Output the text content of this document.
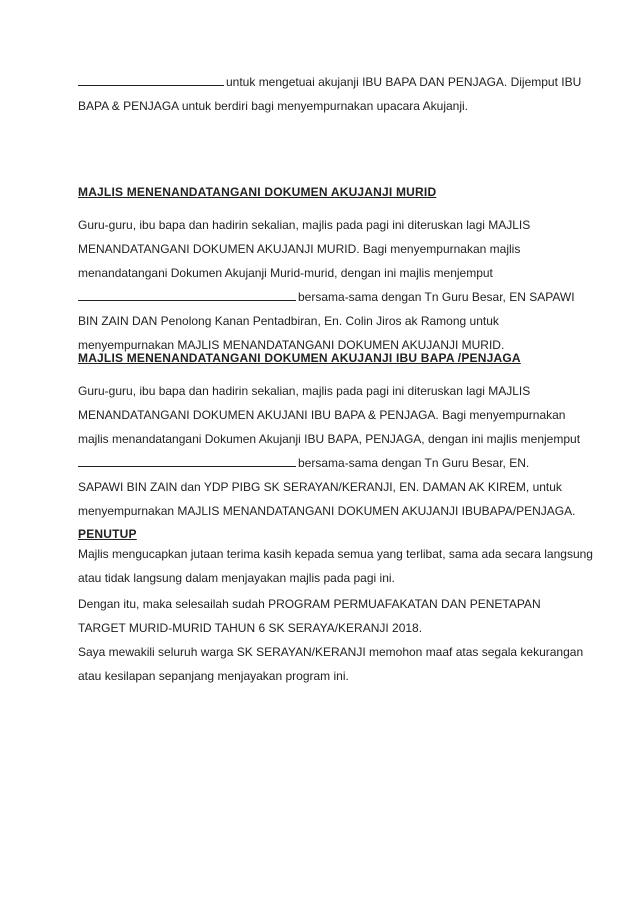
untuk mengetuai akujanji IBU BAPA DAN PENJAGA. Dijemput IBU
BAPA & PENJAGA untuk berdiri bagi menyempurnakan upacara Akujanji.
MAJLIS MENENANDATANGANI DOKUMEN AKUJANJI MURID
Guru-guru, ibu bapa dan hadirin sekalian, majlis pada pagi ini diteruskan lagi MAJLIS
MENANDATANGANI DOKUMEN AKUJANJI MURID. Bagi menyempurnakan majlis
menandatangani Dokumen Akujanji Murid-murid, dengan ini majlis menjemput
bersama-sama dengan Tn Guru Besar, EN SAPAWI
BIN ZAIN DAN Penolong Kanan Pentadbiran, En. Colin Jiros ak Ramong untuk
menyempurnakan MAJLIS MENANDATANGANI DOKUMEN AKUJANJI MURID.
MAJLIS MENENANDATANGANI DOKUMEN AKUJANJI IBU BAPA /PENJAGA
Guru-guru, ibu bapa dan hadirin sekalian, majlis pada pagi ini diteruskan lagi MAJLIS
MENANDATANGANI DOKUMEN AKUJANI IBU BAPA & PENJAGA. Bagi menyempurnakan
majlis menandatangani Dokumen Akujanji IBU BAPA, PENJAGA, dengan ini majlis menjemput
bersama-sama dengan Tn Guru Besar, EN.
SAPAWI BIN ZAIN dan YDP PIBG SK SERAYAN/KERANJI, EN. DAMAN AK KIREM, untuk
menyempurnakan MAJLIS MENANDATANGANI DOKUMEN AKUJANJI IBUBAPA/PENJAGA.
PENUTUP
Majlis mengucapkan jutaan terima kasih kepada semua yang terlibat, sama ada secara langsung
atau tidak langsung dalam menjayakan majlis pada pagi ini.
Dengan itu, maka selesailah sudah PROGRAM PERMUAFAKATAN DAN PENETAPAN
TARGET MURID-MURID TAHUN 6 SK SERAYA/KERANJI 2018.
Saya mewakili seluruh warga SK SERAYAN/KERANJI memohon maaf atas segala kekurangan
atau kesilapan sepanjang menjayakan program ini.
